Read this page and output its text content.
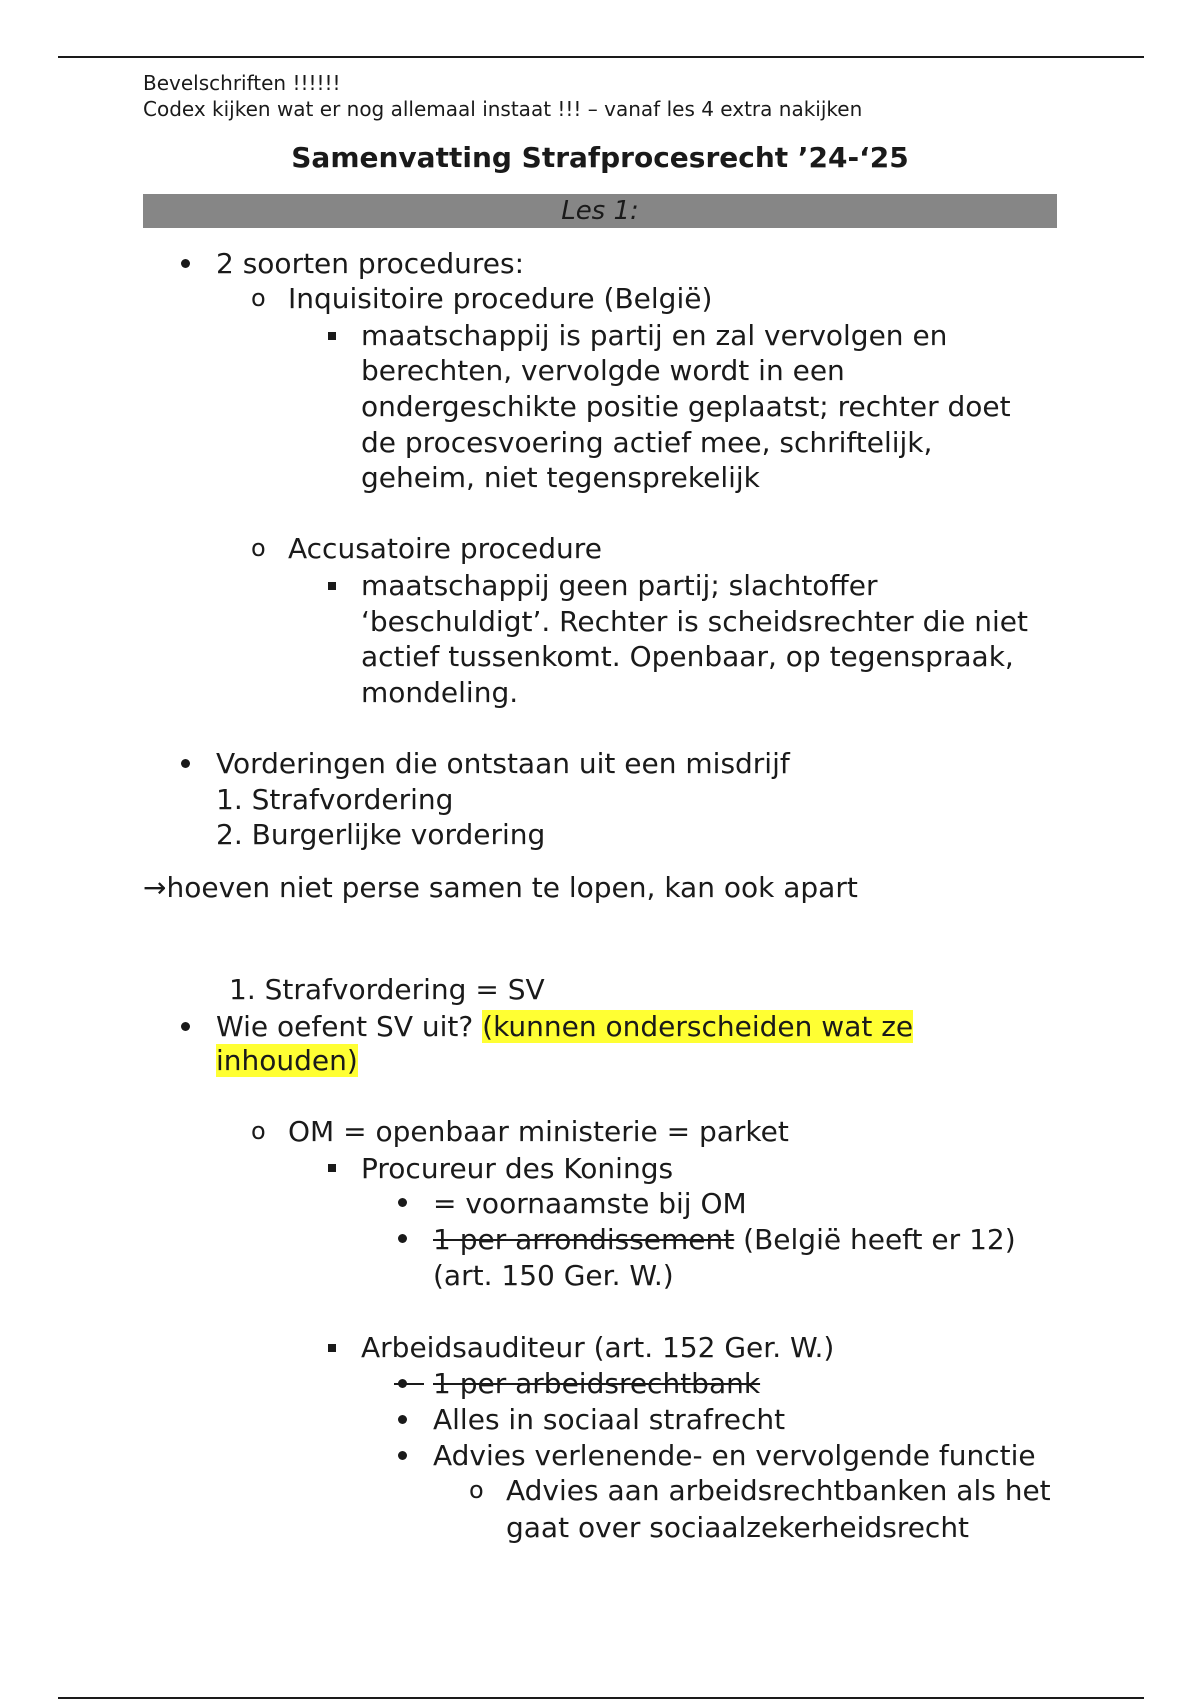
Bevelschriften !!!!!!
Codex kijken wat er nog allemaal instaat !!! – vanaf les 4 extra nakijken
Samenvatting Strafprocesrecht ’24-‘25
Les 1:
2 soorten procedures:
o Inquisitoire procedure (België)
maatschappij is partij en zal vervolgen en
berechten, vervolgde wordt in een
ondergeschikte positie geplaatst; rechter doet
de procesvoering actief mee, schriftelijk,
geheim, niet tegensprekelijk
o Accusatoire procedure
maatschappij geen partij; slachtoffer
‘beschuldigt’. Rechter is scheidsrechter die niet
actief tussenkomt. Openbaar, op tegenspraak,
mondeling.
Vorderingen die ontstaan uit een misdrijf
1. Strafvordering
2. Burgerlijke vordering
→hoeven niet perse samen te lopen, kan ook apart
1. Strafvordering = SV
Wie oefent SV uit? (kunnen onderscheiden wat ze
inhouden)
o OM = openbaar ministerie = parket
Procureur des Konings
= voornaamste bij OM
1 per arrondissement (België heeft er 12)
(art. 150 Ger. W.)
Arbeidsauditeur (art. 152 Ger. W.)
1 per arbeidsrechtbank
Alles in sociaal strafrecht
Advies verlenende- en vervolgende functie
o Advies aan arbeidsrechtbanken als het
gaat over sociaalzekerheidsrecht
